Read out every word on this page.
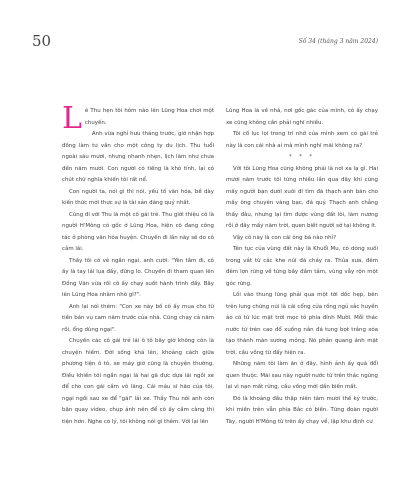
50	Số 34 (tháng 3 năm 2024)

Lê Thu hẹn tôi hôm nào lên Lũng Hoa chơi một chuyến.

Anh vừa nghỉ hưu tháng trước, giờ nhận hợp đồng làm tư vấn cho một công ty du lịch. Thu tuổi ngoài sáu mươi, nhưng nhanh nhẹn, lịch lãm như chưa đến năm mươi. Con người có tiếng là khó tính, lại có chút chữ nghĩa khiến tôi rất nể.

Con người ta, nói gì thì nói, yếu tố văn hóa, bề dày kiến thức mới thực sự là tài sản đáng quý nhất.

Cũng đi với Thu là một cô gái trẻ. Thu giới thiệu cô là người H'Mông có gốc ở Lũng Hoa, hiện cô đang công tác ở phòng văn hóa huyện. Chuyến đi lần này sẽ do cô cắm lái.

Thấy tôi có vẻ ngần ngại, anh cười: "Yên tâm đi, cô ấy là tay lái lụa đấy, đừng lo. Chuyến đi tham quan lên Đồng Văn vừa rồi cô ấy chạy suốt hành trình đấy. Bây lên Lũng Hoa nhằm nhò gì?".

Anh lại nói thêm: "Con xe này bố cô ấy mua cho từ tiền bán vụ cam năm trước của nhà. Cũng chạy cả năm rồi, ổng dùng ngại".

Chuyến các cô gái trẻ lái ô tô bây giờ không còn là chuyện hiếm. Đời sống khá lên, khoảng cách giữa phương tiện ô tô, xe máy giờ cũng là chuyện thường. Điều khiến tôi ngần ngại là hai gã đực dựa lái ngồi xe để cho con gái cầm vô lăng. Cái máu sĩ hão của tôi, ngại ngồi sau xe để "gái" lái xe. Thấy Thu nói anh còn bận quay video, chụp ảnh nên để cô ấy cầm càng thì tiện hơn. Nghe có lý, tôi không nói gì thêm. Với lại lên

Lũng Hoa là về nhà, nơi gốc gác của mình, cô ấy chạy xe cũng không cần phải nghĩ nhiều.

Tôi cố lục lọi trong trí nhớ của mình xem có gái trẻ này là con cái nhà ai mà mình nghĩ mãi không ra?

* * *

Với tôi Lũng Hoa cũng không phải là nơi xa lạ gì. Hai mươi năm trước tôi từng nhiều lần qua đây khi cùng mấy người bạn dưới xuôi đi tìm đá thạch anh bán cho mấy ông chuyên vàng bạc, đá quý. Thạch anh chẳng thấy đâu, nhưng lại tìm được vùng đất lôi, làm nương rồi ở đây mấy năm trời, quen biết người sở tại không ít.

Vậy cô này là con cái ông bà nào nhỉ?

Tên tục của vùng đất này là Khuổi Mu, có dòng suối trong vắt từ các khe núi đá chảy ra. Thủa xưa, đêm đêm lợn rừng về từng bầy đắm tắm, vùng vẫy rộn một góc rừng.

Lối vào thung lũng phải qua một tời dốc hẹp, bên trên lung chừng núi là cái cổng cửa rồng ngủ sắc huyền ảo có từ lúc mặt trời mọc tỏ phía đỉnh Mười. Mỗi thác nước từ trên cao đổ xuống nằn đá tung bọt trắng xóa tạo thành màn sương mỏng. Nó phản quang ánh mặt trời, cầu vồng từ đấy hiện ra.

Những năm tôi làm ăn ở đây, hình ảnh ấy quá đổi quen thuộc. Mãi sau này người nước từ trên thác ngừng lại vì nạn mất rừng, cầu vồng mới dần biến mất.

Đó là khoảng đầu thập niên tám mươi thế kỷ trước, khi miền trên vẫn phía Bắc có biến. Từng đoàn người Tày, người H'Mông từ trên ấy chạy về, lập khu định cư
